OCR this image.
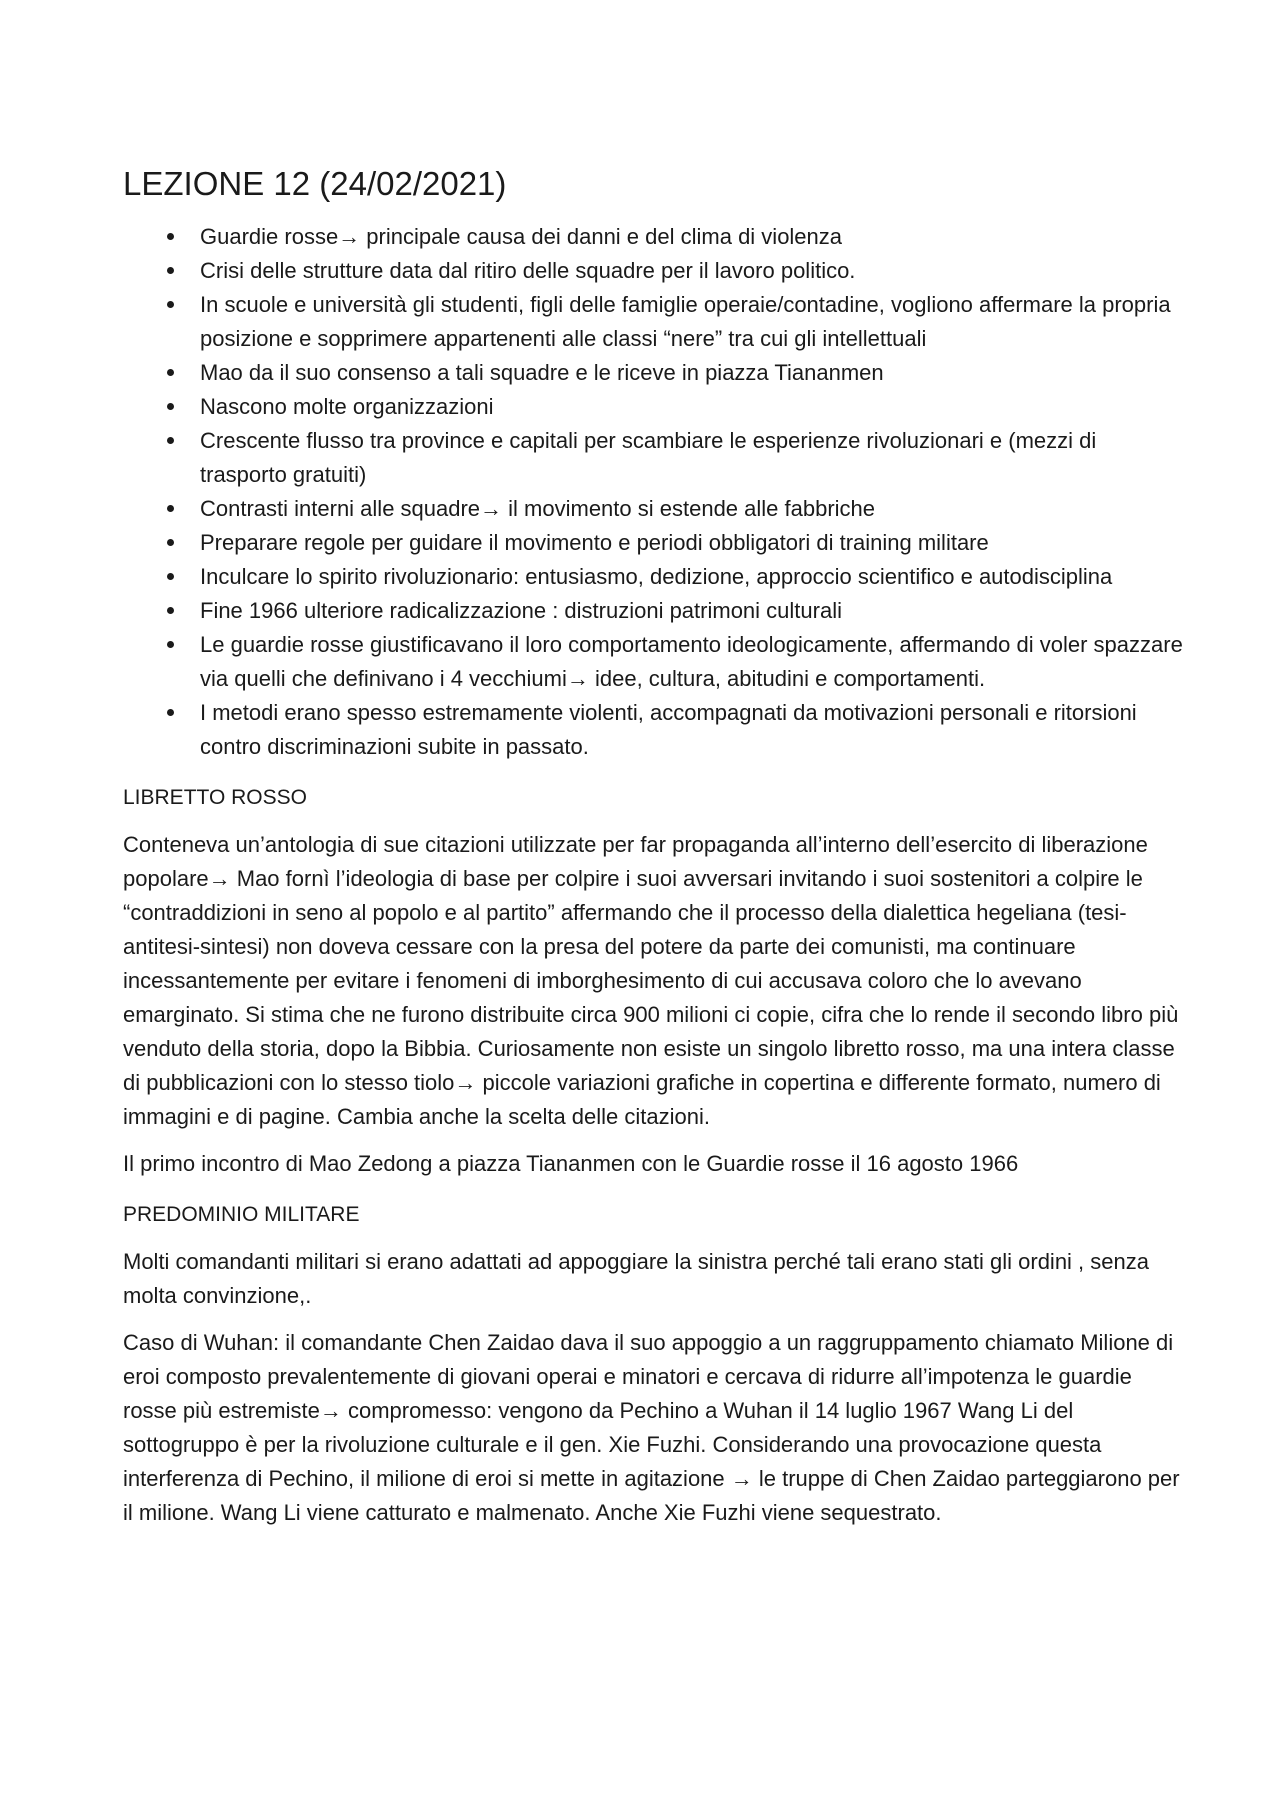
LEZIONE 12 (24/02/2021)
Guardie rosse→ principale causa dei danni e del clima di violenza
Crisi delle strutture data dal ritiro delle squadre per il lavoro politico.
In scuole e università gli studenti, figli delle famiglie operaie/contadine, vogliono affermare la propria posizione e sopprimere appartenenti alle classi “nere” tra cui gli intellettuali
Mao da il suo consenso a tali squadre e le riceve in piazza Tiananmen
Nascono molte organizzazioni
Crescente flusso tra province e capitali per scambiare le esperienze rivoluzionari e (mezzi di trasporto gratuiti)
Contrasti interni alle squadre→ il movimento si estende alle fabbriche
Preparare regole per guidare il movimento e periodi obbligatori di training militare
Inculcare lo spirito rivoluzionario: entusiasmo, dedizione, approccio scientifico e autodisciplina
Fine 1966 ulteriore radicalizzazione : distruzioni patrimoni culturali
Le guardie rosse giustificavano il loro comportamento ideologicamente, affermando di voler spazzare via quelli che definivano i 4 vecchiumi→ idee, cultura, abitudini e comportamenti.
I metodi erano spesso estremamente violenti, accompagnati da motivazioni personali e ritorsioni contro discriminazioni subite in passato.
LIBRETTO ROSSO

Conteneva un’antologia di sue citazioni utilizzate per far propaganda all’interno dell’esercito di liberazione popolare→ Mao fornì l’ideologia di base per colpire i suoi avversari invitando i suoi sostenitori a colpire le “contraddizioni in seno al popolo e al partito” affermando che il processo della dialettica hegeliana (tesi-antitesi-sintesi) non doveva cessare con la presa del potere da parte dei comunisti, ma continuare incessantemente per evitare i fenomeni di imborghesimento di cui accusava coloro che lo avevano emarginato. Si stima che ne furono distribuite circa 900 milioni ci copie, cifra che lo rende il secondo libro più venduto della storia, dopo la Bibbia. Curiosamente non esiste un singolo libretto rosso, ma una intera classe di pubblicazioni con lo stesso tiolo→ piccole variazioni grafiche in copertina e differente formato, numero di immagini e di pagine. Cambia anche la scelta delle citazioni.

Il primo incontro di Mao Zedong a piazza Tiananmen con le Guardie rosse il 16 agosto 1966

PREDOMINIO MILITARE

Molti comandanti militari si erano adattati ad appoggiare la sinistra perché tali erano stati gli ordini , senza molta convinzione,.

Caso di Wuhan: il comandante Chen Zaidao dava il suo appoggio a un raggruppamento chiamato Milione di eroi composto prevalentemente di giovani operai e minatori e cercava di ridurre all’impotenza le guardie rosse più estremiste→ compromesso: vengono da Pechino a Wuhan il 14 luglio 1967 Wang Li del sottogruppo è per la rivoluzione culturale e il gen. Xie Fuzhi. Considerando una provocazione questa interferenza di Pechino, il milione di eroi si mette in agitazione → le truppe di Chen Zaidao parteggiarono per il milione. Wang Li viene catturato e malmenato. Anche Xie Fuzhi viene sequestrato.
